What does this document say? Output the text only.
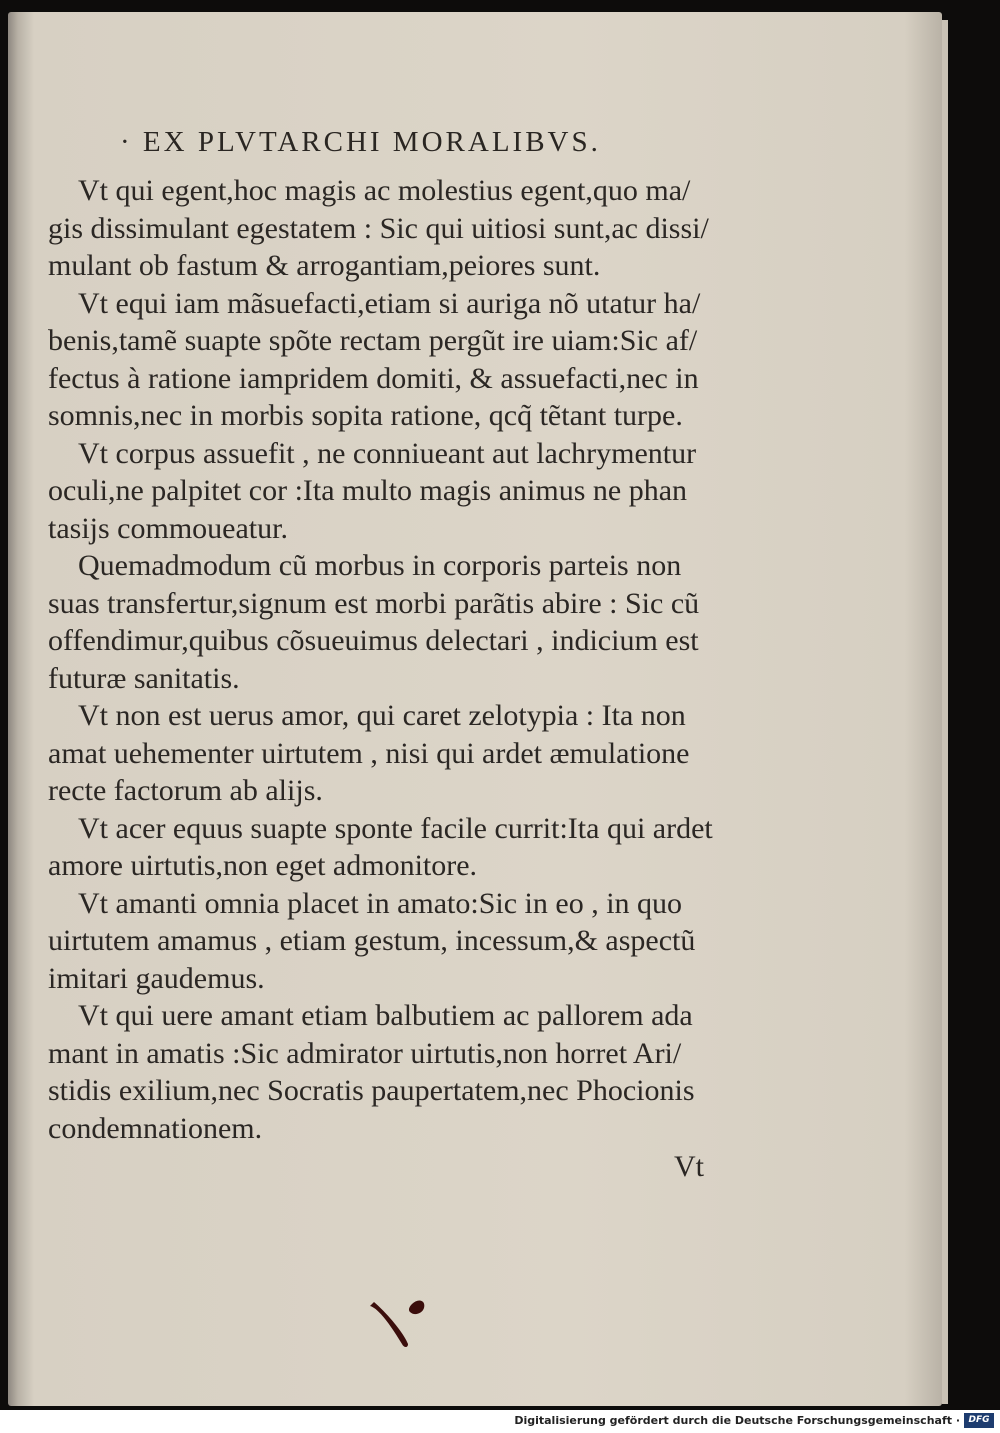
· EX PLVTARCHI MORALIBVS.
Vt qui egent,hoc magis ac molestius egent,quo ma/
gis dissimulant egestatem : Sic qui uitiosi sunt,ac dissi/
mulant ob fastum & arrogantiam,peiores sunt.
Vt equi iam mãsuefacti,etiam si auriga nõ utatur ha/
benis,tamẽ suapte spõte rectam pergũt ire uiam:Sic af/
fectus à ratione iampridem domiti, & assuefacti,nec in
somnis,nec in morbis sopita ratione, qcq̃ tẽtant turpe.
Vt corpus assuefit , ne conniueant aut lachrymentur
oculi,ne palpitet cor :Ita multo magis animus ne phan
tasijs commoueatur.
Quemadmodum cũ morbus in corporis parteis non
suas transfertur,signum est morbi parãtis abire : Sic cũ
offendimur,quibus cõsueuimus delectari , indicium est
futuræ sanitatis.
Vt non est uerus amor, qui caret zelotypia : Ita non
amat uehementer uirtutem , nisi qui ardet æmulatione
recte factorum ab alijs.
Vt acer equus suapte sponte facile currit:Ita qui ardet
amore uirtutis,non eget admonitore.
Vt amanti omnia placet in amato:Sic in eo , in quo
uirtutem amamus , etiam gestum, incessum,& aspectũ
imitari gaudemus.
Vt qui uere amant etiam balbutiem ac pallorem ada
mant in amatis :Sic admirator uirtutis,non horret Ari/
stidis exilium,nec Socratis paupertatem,nec Phocionis
condemnationem.
Vt
Digitalisierung gefördert durch die Deutsche Forschungsgemeinschaft · DFG
